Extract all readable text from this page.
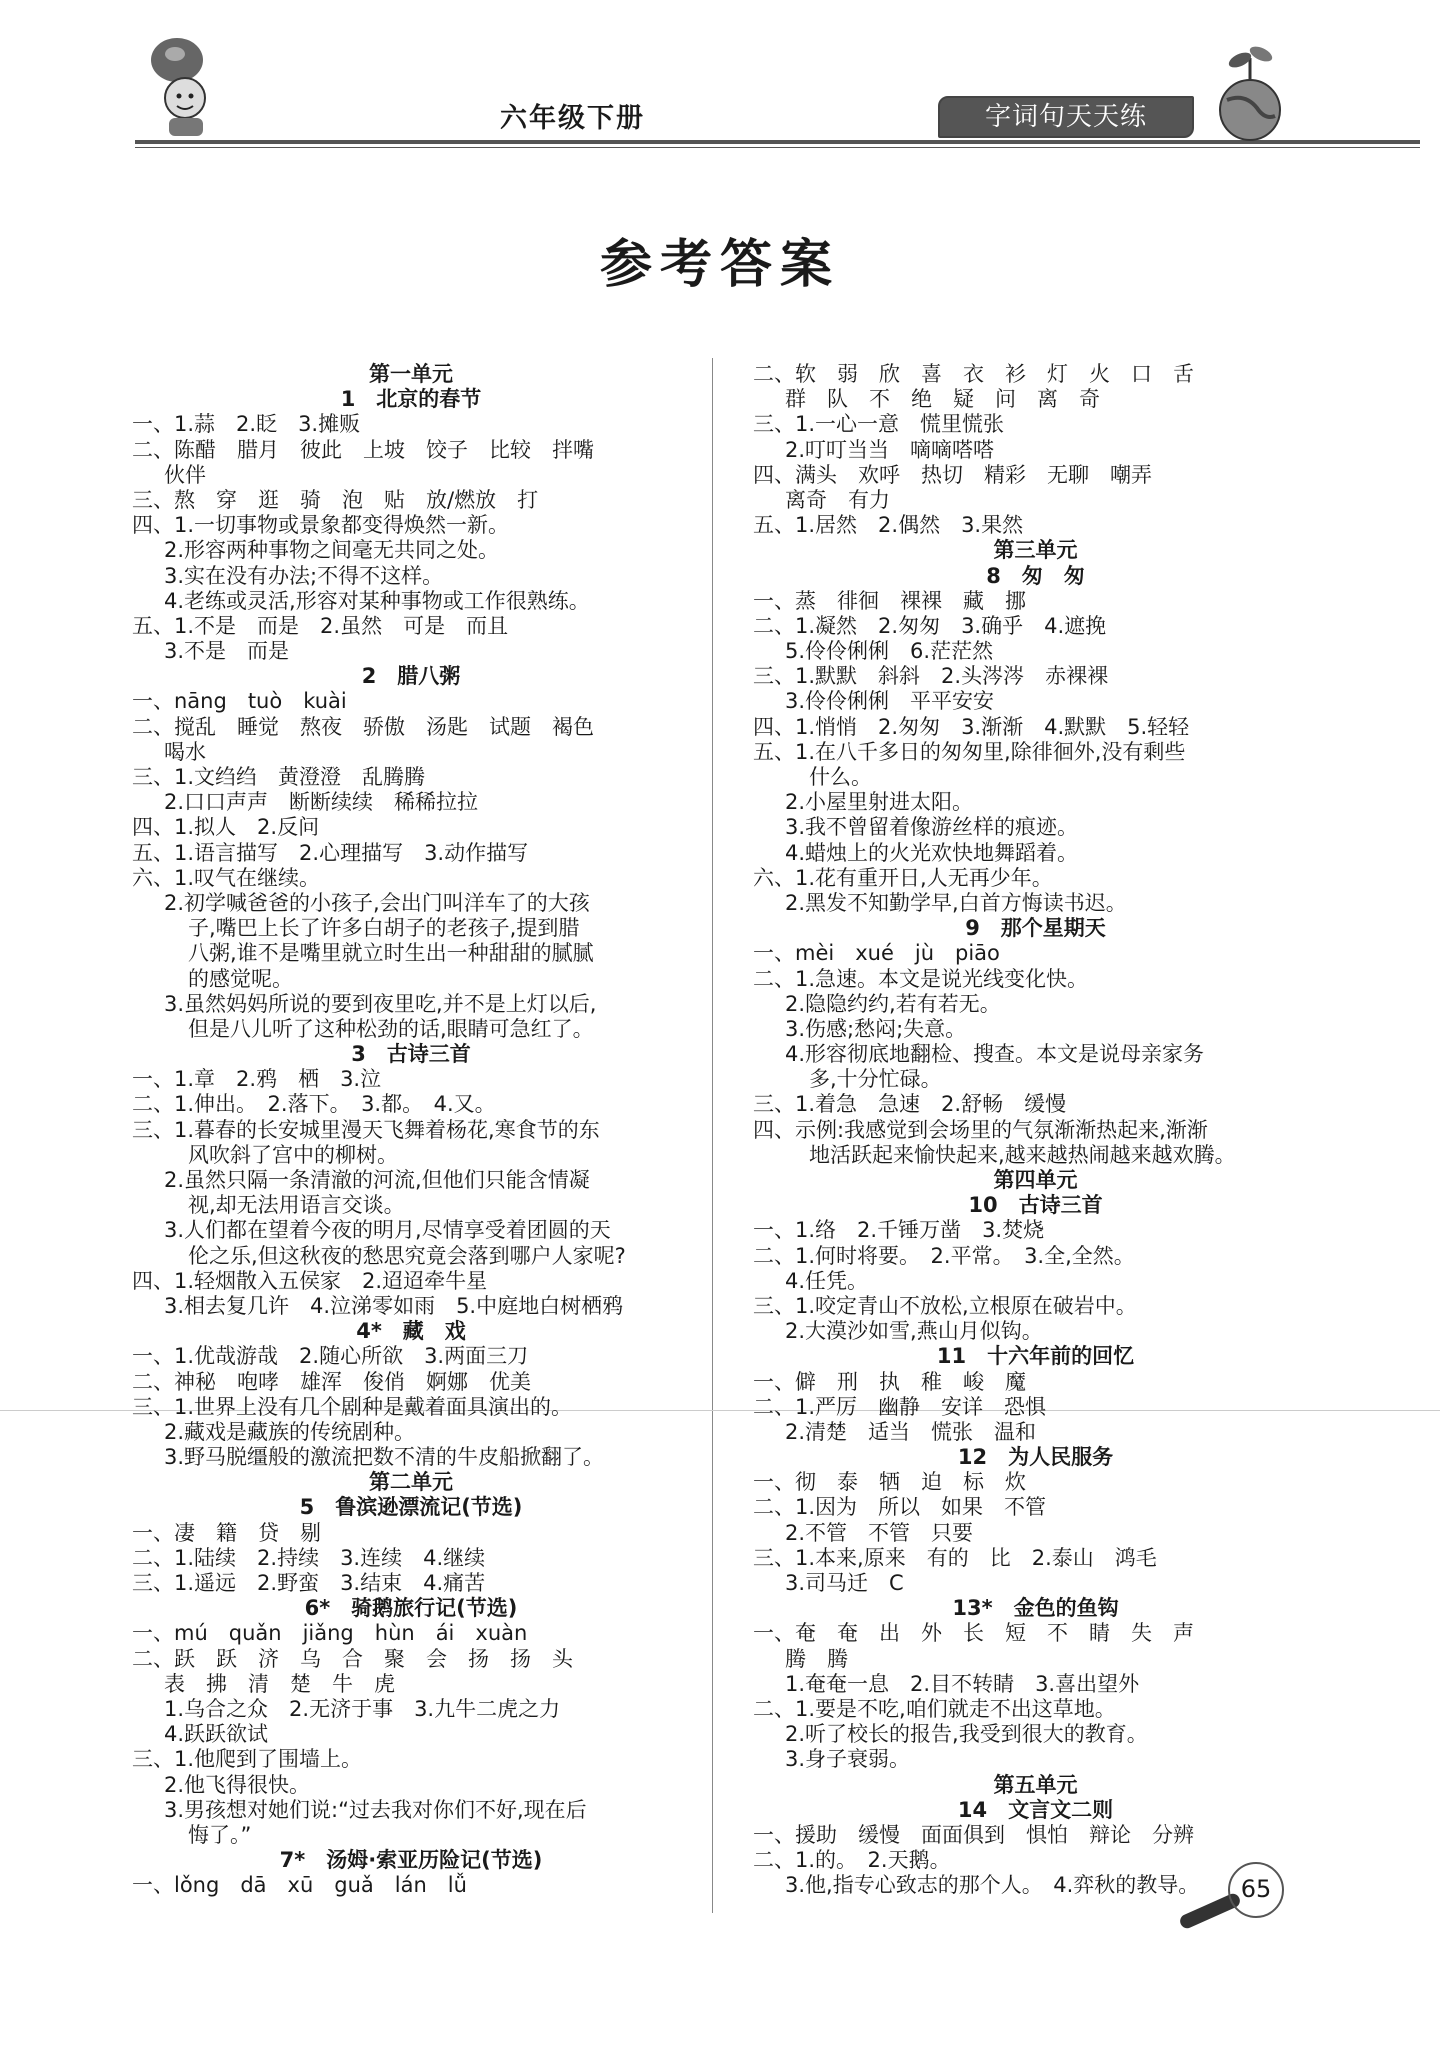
六年级下册	字词句天天练
参考答案
第一单元
1　北京的春节
一、1.蒜　2.眨　3.摊贩
二、陈醋　腊月　彼此　上坡　饺子　比较　拌嘴
伙伴
三、熬　穿　逛　骑　泡　贴　放/燃放　打
四、1.一切事物或景象都变得焕然一新。
2.形容两种事物之间毫无共同之处。
3.实在没有办法;不得不这样。
4.老练或灵活,形容对某种事物或工作很熟练。
五、1.不是　而是　2.虽然　可是　而且
3.不是　而是
2　腊八粥
一、nāng　tuò　kuài
二、搅乱　睡觉　熬夜　骄傲　汤匙　试题　褐色
喝水
三、1.文绉绉　黄澄澄　乱腾腾
2.口口声声　断断续续　稀稀拉拉
四、1.拟人　2.反问
五、1.语言描写　2.心理描写　3.动作描写
六、1.叹气在继续。
2.初学喊爸爸的小孩子,会出门叫洋车了的大孩
子,嘴巴上长了许多白胡子的老孩子,提到腊
八粥,谁不是嘴里就立时生出一种甜甜的腻腻
的感觉呢。
3.虽然妈妈所说的要到夜里吃,并不是上灯以后,
但是八儿听了这种松劲的话,眼睛可急红了。
3　古诗三首
一、1.章　2.鸦　栖　3.泣
二、1.伸出。　2.落下。　3.都。　4.又。
三、1.暮春的长安城里漫天飞舞着杨花,寒食节的东
风吹斜了宫中的柳树。
2.虽然只隔一条清澈的河流,但他们只能含情凝
视,却无法用语言交谈。
3.人们都在望着今夜的明月,尽情享受着团圆的天
伦之乐,但这秋夜的愁思究竟会落到哪户人家呢?
四、1.轻烟散入五侯家　2.迢迢牵牛星
3.相去复几许　4.泣涕零如雨　5.中庭地白树栖鸦
4*　藏　戏
一、1.优哉游哉　2.随心所欲　3.两面三刀
二、神秘　咆哮　雄浑　俊俏　婀娜　优美
三、1.世界上没有几个剧种是戴着面具演出的。
2.藏戏是藏族的传统剧种。
3.野马脱缰般的激流把数不清的牛皮船掀翻了。
第二单元
5　鲁滨逊漂流记(节选)
一、凄　籍　贷　剔
二、1.陆续　2.持续　3.连续　4.继续
三、1.遥远　2.野蛮　3.结束　4.痛苦
6*　骑鹅旅行记(节选)
一、mú　quǎn　jiǎng　hùn　ái　xuàn
二、跃　跃　济　乌　合　聚　会　扬　扬　头
表　拂　清　楚　牛　虎
1.乌合之众　2.无济于事　3.九牛二虎之力
4.跃跃欲试
三、1.他爬到了围墙上。
2.他飞得很快。
3.男孩想对她们说:“过去我对你们不好,现在后
悔了。”
7*　汤姆·索亚历险记(节选)
一、lǒng　dā　xū　guǎ　lán　lǚ
二、软　弱　欣　喜　衣　衫　灯　火　口　舌
群　队　不　绝　疑　问　离　奇
三、1.一心一意　慌里慌张
2.叮叮当当　嘀嘀嗒嗒
四、满头　欢呼　热切　精彩　无聊　嘲弄
离奇　有力
五、1.居然　2.偶然　3.果然
第三单元
8　匆　匆
一、蒸　徘徊　裸裸　藏　挪
二、1.凝然　2.匆匆　3.确乎　4.遮挽
5.伶伶俐俐　6.茫茫然
三、1.默默　斜斜　2.头涔涔　赤裸裸
3.伶伶俐俐　平平安安
四、1.悄悄　2.匆匆　3.渐渐　4.默默　5.轻轻
五、1.在八千多日的匆匆里,除徘徊外,没有剩些
什么。
2.小屋里射进太阳。
3.我不曾留着像游丝样的痕迹。
4.蜡烛上的火光欢快地舞蹈着。
六、1.花有重开日,人无再少年。
2.黑发不知勤学早,白首方悔读书迟。
9　那个星期天
一、mèi　xué　jù　piāo
二、1.急速。本文是说光线变化快。
2.隐隐约约,若有若无。
3.伤感;愁闷;失意。
4.形容彻底地翻检、搜查。本文是说母亲家务
多,十分忙碌。
三、1.着急　急速　2.舒畅　缓慢
四、示例:我感觉到会场里的气氛渐渐热起来,渐渐
地活跃起来愉快起来,越来越热闹越来越欢腾。
第四单元
10　古诗三首
一、1.络　2.千锤万凿　3.焚烧
二、1.何时将要。　2.平常。　3.全,全然。
4.任凭。
三、1.咬定青山不放松,立根原在破岩中。
2.大漠沙如雪,燕山月似钩。
11　十六年前的回忆
一、僻　刑　执　稚　峻　魔
二、1.严厉　幽静　安详　恐惧
2.清楚　适当　慌张　温和
12　为人民服务
一、彻　泰　牺　迫　标　炊
二、1.因为　所以　如果　不管
2.不管　不管　只要
三、1.本来,原来　有的　比　2.泰山　鸿毛
3.司马迁　C
13*　金色的鱼钩
一、奄　奄　出　外　长　短　不　睛　失　声
腾　腾
1.奄奄一息　2.目不转睛　3.喜出望外
二、1.要是不吃,咱们就走不出这草地。
2.听了校长的报告,我受到很大的教育。
3.身子衰弱。
第五单元
14　文言文二则
一、援助　缓慢　面面俱到　惧怕　辩论　分辨
二、1.的。　2.天鹅。
3.他,指专心致志的那个人。　4.弈秋的教导。	65
